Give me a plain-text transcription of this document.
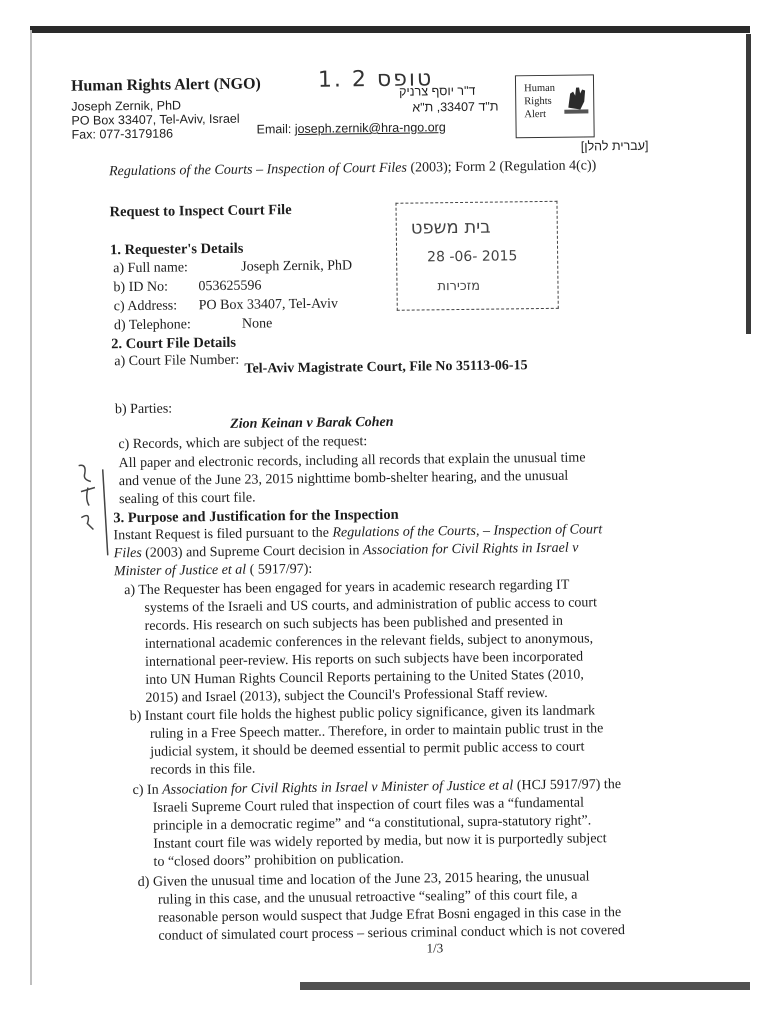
Human Rights Alert (NGO)	טופס 2 .1
Joseph Zernik, PhD
PO Box 33407, Tel-Aviv, Israel
Fax: 077-3179186
ד"ר יוסף צרניק
ת"ד 33407, ת"א
Email: joseph.zernik@hra-ngo.org
Human
Rights
Alert
[עברית להלן]
Regulations of the Courts – Inspection of Court Files (2003); Form 2 (Regulation 4(c))
בית משפט
28 -06- 2015
מזכירות
Request to Inspect Court File
1. Requester's Details
a) Full name:	Joseph Zernik, PhD
b) ID No: 053625596
c) Address: PO Box 33407, Tel-Aviv
d) Telephone:	None
2. Court File Details
a) Court File Number: Tel-Aviv Magistrate Court, File No 35113-06-15
b) Parties:
Zion Keinan v Barak Cohen
c) Records, which are subject of the request:
All paper and electronic records, including all records that explain the unusual time
and venue of the June 23, 2015 nighttime bomb-shelter hearing, and the unusual
sealing of this court file.
3. Purpose and Justification for the Inspection
Instant Request is filed pursuant to the Regulations of the Courts, – Inspection of Court
Files (2003) and Supreme Court decision in Association for Civil Rights in Israel v
Minister of Justice et al ( 5917/97):
a) The Requester has been engaged for years in academic research regarding IT
systems of the Israeli and US courts, and administration of public access to court
records. His research on such subjects has been published and presented in
international academic conferences in the relevant fields, subject to anonymous,
international peer-review. His reports on such subjects have been incorporated
into UN Human Rights Council Reports pertaining to the United States (2010,
2015) and Israel (2013), subject the Council's Professional Staff review.
b) Instant court file holds the highest public policy significance, given its landmark
ruling in a Free Speech matter.. Therefore, in order to maintain public trust in the
judicial system, it should be deemed essential to permit public access to court
records in this file.
c) In Association for Civil Rights in Israel v Minister of Justice et al (HCJ 5917/97) the
Israeli Supreme Court ruled that inspection of court files was a “fundamental
principle in a democratic regime” and “a constitutional, supra-statutory right”.
Instant court file was widely reported by media, but now it is purportedly subject
to “closed doors” prohibition on publication.
d) Given the unusual time and location of the June 23, 2015 hearing, the unusual
ruling in this case, and the unusual retroactive “sealing” of this court file, a
reasonable person would suspect that Judge Efrat Bosni engaged in this case in the
conduct of simulated court process – serious criminal conduct which is not covered
1/3
